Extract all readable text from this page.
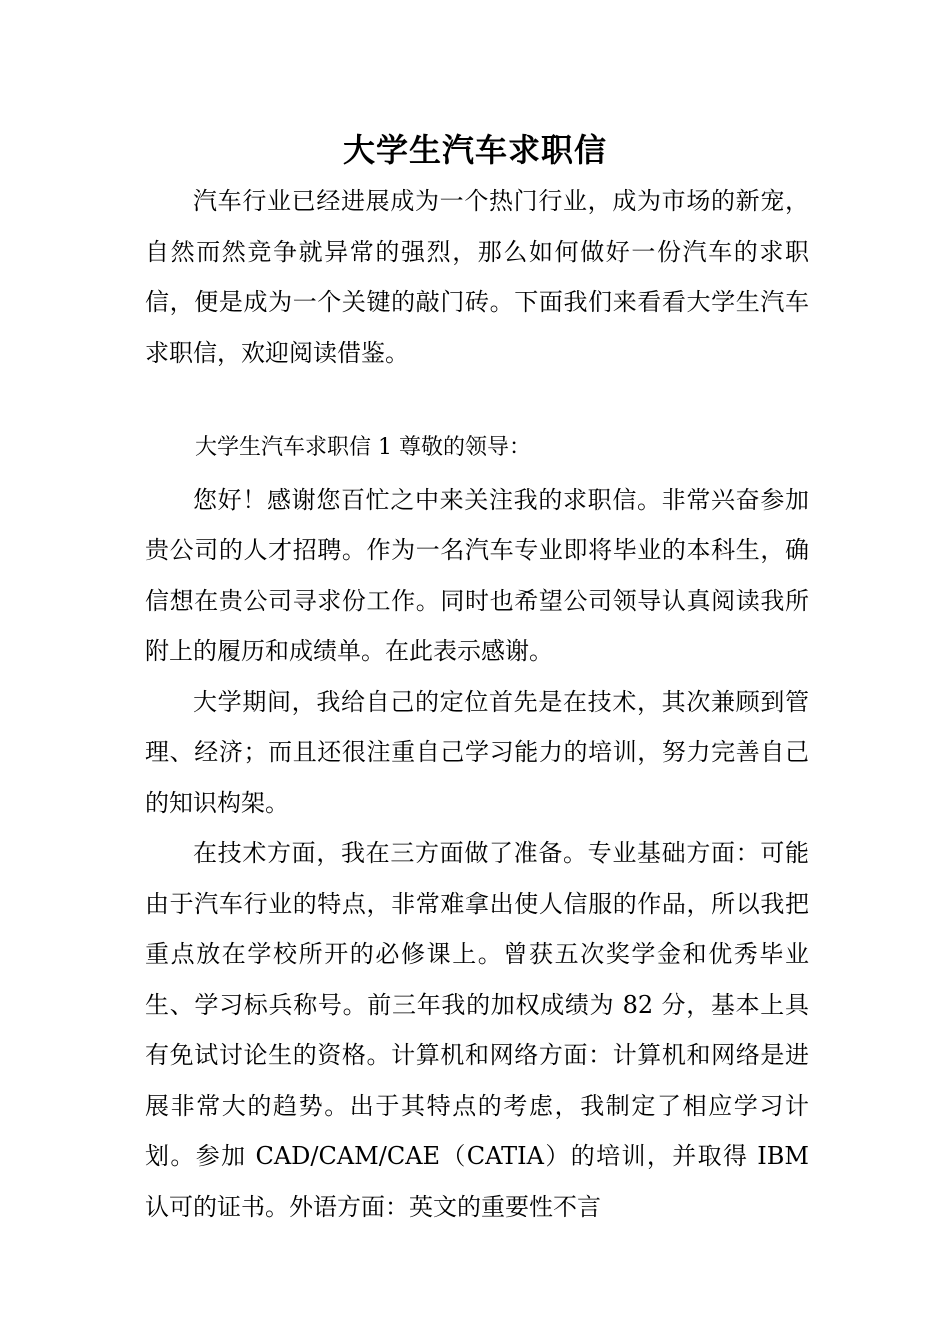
大学生汽车求职信

汽车行业已经进展成为一个热门行业，成为市场的新宠，自然而然竞争就异常的强烈，那么如何做好一份汽车的求职信，便是成为一个关键的敲门砖。下面我们来看看大学生汽车求职信，欢迎阅读借鉴。

大学生汽车求职信 1 尊敬的领导：

您好！感谢您百忙之中来关注我的求职信。非常兴奋参加贵公司的人才招聘。作为一名汽车专业即将毕业的本科生，确信想在贵公司寻求份工作。同时也希望公司领导认真阅读我所附上的履历和成绩单。在此表示感谢。

大学期间，我给自己的定位首先是在技术，其次兼顾到管理、经济；而且还很注重自己学习能力的培训，努力完善自己的知识构架。

在技术方面，我在三方面做了准备。专业基础方面：可能由于汽车行业的特点，非常难拿出使人信服的作品，所以我把重点放在学校所开的必修课上。曾获五次奖学金和优秀毕业生、学习标兵称号。前三年我的加权成绩为 82 分，基本上具有免试讨论生的资格。计算机和网络方面：计算机和网络是进展非常大的趋势。出于其特点的考虑，我制定了相应学习计划。参加 CAD/CAM/CAE（CATIA）的培训，并取得 IBM 认可的证书。外语方面：英文的重要性不言
